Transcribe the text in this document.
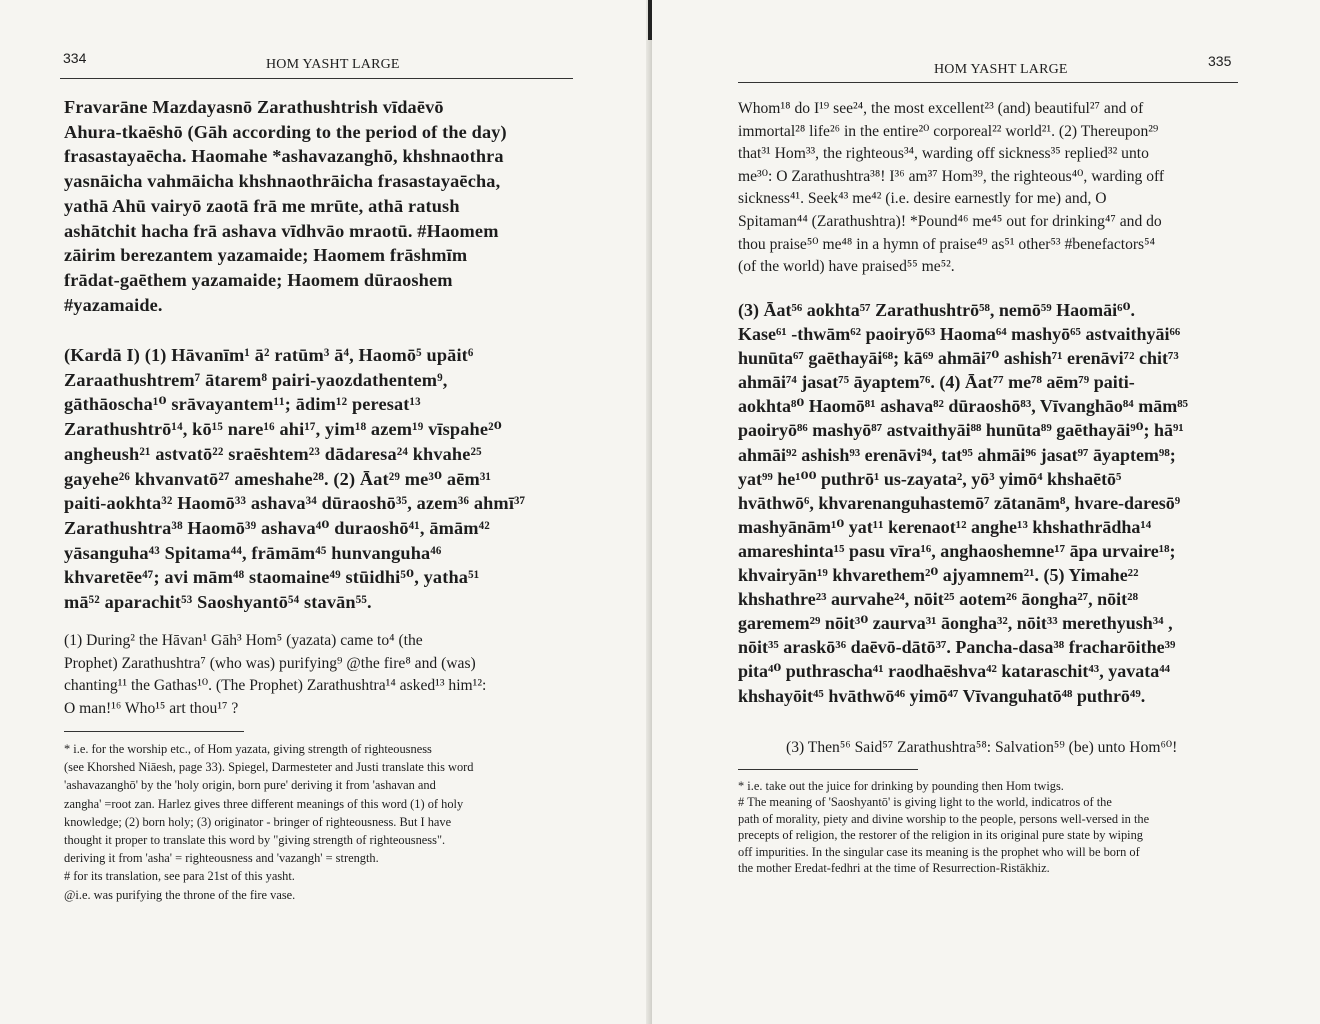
334	HOM YASHT LARGE

Fravarāne Mazdayasnō Zarathushtrish vīdaēvō
Ahura-tkaēshō (Gāh according to the period of the day)
frasastayaēcha. Haomahe *ashavazanghō, khshnaothra
yasnāicha vahmāicha khshnaothrāicha frasastayaēcha,
yathā Ahū vairyō zaotā frā me mrūte, athā ratush
ashātchit hacha frā ashava vīdhvāo mraotū. #Haomem
zāirim berezantem yazamaide; Haomem frāshmīm
frādat-gaēthem yazamaide; Haomem dūraoshem
#yazamaide.

(Kardā I) (1) Hāvanīm¹ ā² ratūm³ ā⁴, Haomō⁵ upāit⁶
Zaraathushtrem⁷ ātarem⁸ pairi-yaozdathentem⁹,
gāthāoscha¹⁰ srāvayantem¹¹; ādim¹² peresat¹³
Zarathushtrō¹⁴, kō¹⁵ nare¹⁶ ahi¹⁷, yim¹⁸ azem¹⁹ vīspahe²⁰
angheush²¹ astvatō²² sraēshtem²³ dādaresa²⁴ khvahe²⁵
gayehe²⁶ khvanvatō²⁷ ameshahe²⁸. (2) Āat²⁹ me³⁰ aēm³¹
paiti-aokhta³² Haomō³³ ashava³⁴ dūraoshō³⁵, azem³⁶ ahmī³⁷
Zarathushtra³⁸ Haomō³⁹ ashava⁴⁰ duraoshō⁴¹, āmām⁴²
yāsanguha⁴³ Spitama⁴⁴, frāmām⁴⁵ hunvanguha⁴⁶
khvaretēe⁴⁷; avi mām⁴⁸ staomaine⁴⁹ stūidhi⁵⁰, yatha⁵¹
mā⁵² aparachit⁵³ Saoshyantō⁵⁴ stavān⁵⁵.

(1) During² the Hāvan¹ Gāh³ Hom⁵ (yazata) came to⁴ (the
Prophet) Zarathushtra⁷ (who was) purifying⁹ @the fire⁸ and (was)
chanting¹¹ the Gathas¹⁰. (The Prophet) Zarathushtra¹⁴ asked¹³ him¹²:
O man!¹⁶ Who¹⁵ art thou¹⁷ ?

* i.e. for the worship etc., of Hom yazata, giving strength of righteousness
(see Khorshed Niāesh, page 33). Spiegel, Darmesteter and Justi translate this word
'ashavazanghō' by the 'holy origin, born pure' deriving it from 'ashavan and
zangha' =root zan. Harlez gives three different meanings of this word (1) of holy
knowledge; (2) born holy; (3) originator - bringer of righteousness. But I have
thought it proper to translate this word by "giving strength of righteousness".
deriving it from 'asha' = righteousness and 'vazangh' = strength.
# for its translation, see para 21st of this yasht.
@i.e. was purifying the throne of the fire vase.

335
HOM YASHT LARGE

Whom¹⁸ do I¹⁹ see²⁴, the most excellent²³ (and) beautiful²⁷ and of
immortal²⁸ life²⁶ in the entire²⁰ corporeal²² world²¹. (2) Thereupon²⁹
that³¹ Hom³³, the righteous³⁴, warding off sickness³⁵ replied³² unto
me³⁰: O Zarathushtra³⁸! I³⁶ am³⁷ Hom³⁹, the righteous⁴⁰, warding off
sickness⁴¹. Seek⁴³ me⁴² (i.e. desire earnestly for me) and, O
Spitaman⁴⁴ (Zarathushtra)! *Pound⁴⁶ me⁴⁵ out for drinking⁴⁷ and do
thou praise⁵⁰ me⁴⁸ in a hymn of praise⁴⁹ as⁵¹ other⁵³ #benefactors⁵⁴
(of the world) have praised⁵⁵ me⁵².

(3) Āat⁵⁶ aokhta⁵⁷ Zarathushtrō⁵⁸, nemō⁵⁹ Haomāi⁶⁰.
Kase⁶¹ -thwām⁶² paoiryō⁶³ Haoma⁶⁴ mashyō⁶⁵ astvaithyāi⁶⁶
hunūta⁶⁷ gaēthayāi⁶⁸; kā⁶⁹ ahmāi⁷⁰ ashish⁷¹ erenāvi⁷² chit⁷³
ahmāi⁷⁴ jasat⁷⁵ āyaptem⁷⁶. (4) Āat⁷⁷ me⁷⁸ aēm⁷⁹ paiti-
aokhta⁸⁰ Haomō⁸¹ ashava⁸² dūraoshō⁸³, Vīvanghāo⁸⁴ mām⁸⁵
paoiryō⁸⁶ mashyō⁸⁷ astvaithyāi⁸⁸ hunūta⁸⁹ gaēthayāi⁹⁰; hā⁹¹
ahmāi⁹² ashish⁹³ erenāvi⁹⁴, tat⁹⁵ ahmāi⁹⁶ jasat⁹⁷ āyaptem⁹⁸;
yat⁹⁹ he¹⁰⁰ puthrō¹ us-zayata², yō³ yimō⁴ khshaētō⁵
hvāthwō⁶, khvarenanguhastemō⁷ zātanām⁸, hvare-daresō⁹
mashyānām¹⁰ yat¹¹ kerenaot¹² anghe¹³ khshathrādha¹⁴
amareshinta¹⁵ pasu vīra¹⁶, anghaoshemne¹⁷ āpa urvaire¹⁸;
khvairyān¹⁹ khvarethem²⁰ ajyamnem²¹. (5) Yimahe²²
khshathre²³ aurvahe²⁴, nōit²⁵ aotem²⁶ āongha²⁷, nōit²⁸
garemem²⁹ nōit³⁰ zaurva³¹ āongha³², nōit³³ merethyush³⁴ ,
nōit³⁵ araskō³⁶ daēvō-dātō³⁷. Pancha-dasa³⁸ fracharōithe³⁹
pita⁴⁰ puthrascha⁴¹ raodhaēshva⁴² kataraschit⁴³, yavata⁴⁴
khshayōit⁴⁵ hvāthwō⁴⁶ yimō⁴⁷ Vīvanguhatō⁴⁸ puthrō⁴⁹.

(3) Then⁵⁶ Said⁵⁷ Zarathushtra⁵⁸: Salvation⁵⁹ (be) unto Hom⁶⁰!

* i.e. take out the juice for drinking by pounding then Hom twigs.
# The meaning of 'Saoshyantō' is giving light to the world, indicatros of the
path of morality, piety and divine worship to the people, persons well-versed in the
precepts of religion, the restorer of the religion in its original pure state by wiping
off impurities. In the singular case its meaning is the prophet who will be born of
the mother Eredat-fedhri at the time of Resurrection-Ristākhiz.
